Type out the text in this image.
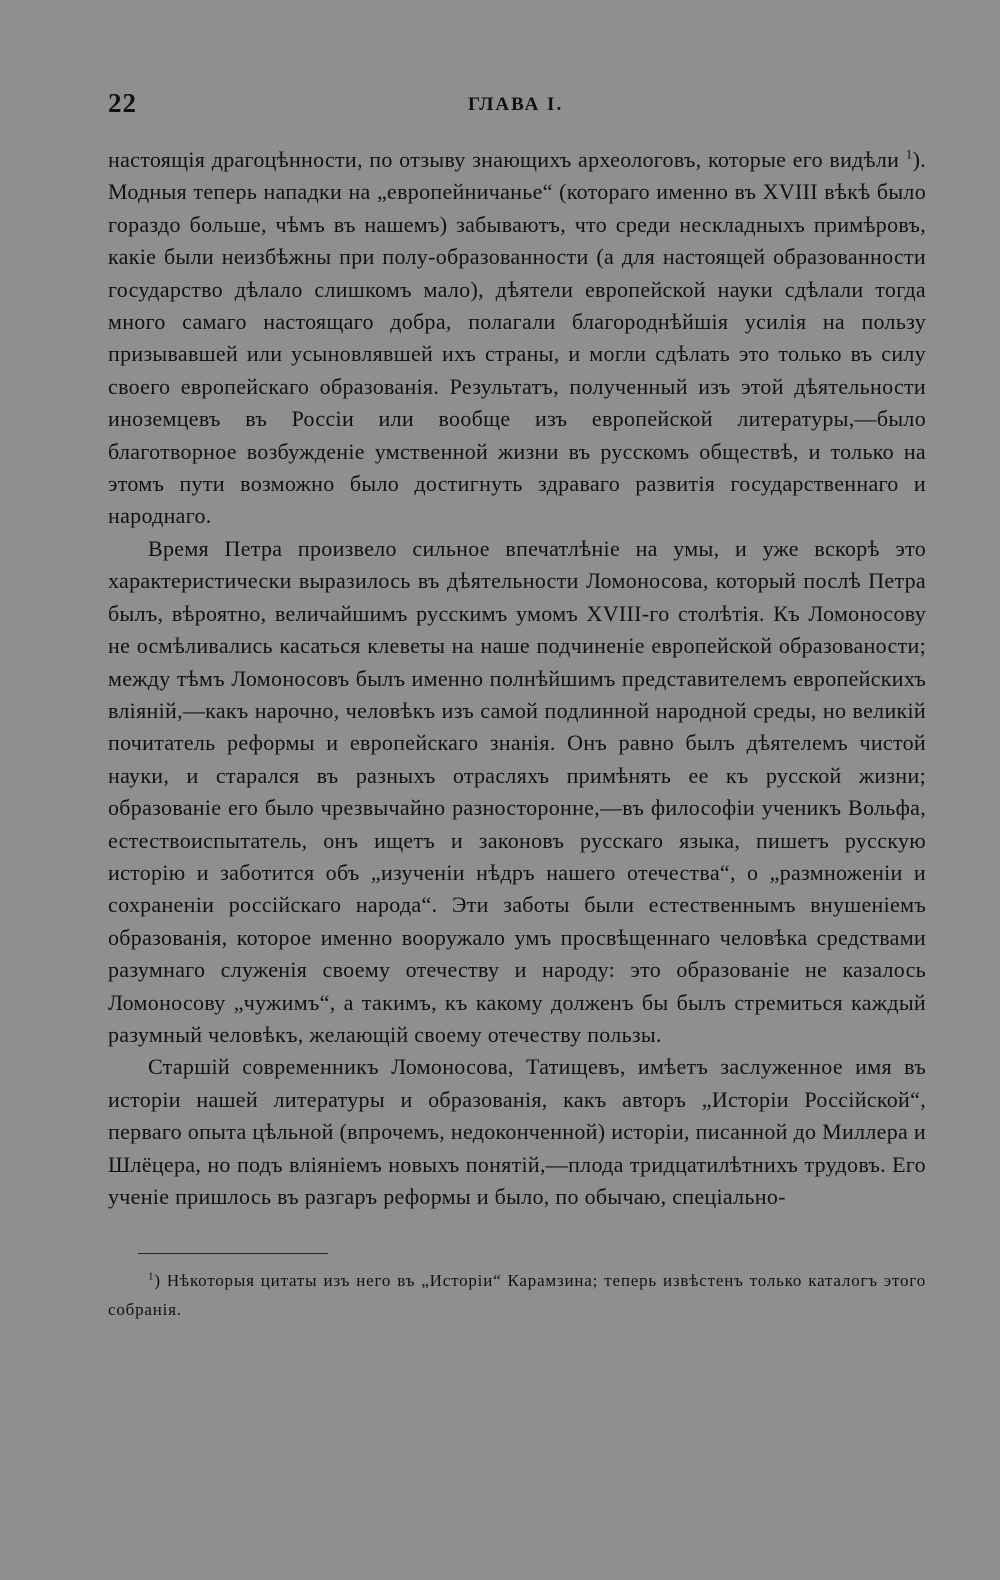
22	ГЛАВА I.

настоящія драгоцѣнности, по отзыву знающихъ археологовъ, которые его видѣли $^1$). Модныя теперь нападки на „европейничанье“ (котораго именно въ XVIII вѣкѣ было гораздо больше, чѣмъ въ нашемъ) забываютъ, что среди нескладныхъ примѣровъ, какіе были неизбѣжны при полу-образованности (а для настоящей образованности государство дѣлало слишкомъ мало), дѣятели европейской науки сдѣлали тогда много самаго настоящаго добра, полагали благороднѣйшія усилія на пользу призывавшей или усыновлявшей ихъ страны, и могли сдѣлать это только въ силу своего европейскаго образованія. Результатъ, полученный изъ этой дѣятельности иноземцевъ въ Россіи или вообще изъ европейской литературы,—было благотворное возбужденіе умственной жизни въ русскомъ обществѣ, и только на этомъ пути возможно было достигнуть здраваго развитія государственнаго и народнаго.

Время Петра произвело сильное впечатлѣніе на умы, и уже вскорѣ это характеристически выразилось въ дѣятельности Ломоносова, который послѣ Петра былъ, вѣроятно, величайшимъ русскимъ умомъ XVIII-го столѣтія. Къ Ломоносову не осмѣливались касаться клеветы на наше подчиненіе европейской образованости; между тѣмъ Ломоносовъ былъ именно полнѣйшимъ представителемъ европейскихъ вліяній,—какъ нарочно, человѣкъ изъ самой подлинной народной среды, но великій почитатель реформы и европейскаго знанія. Онъ равно былъ дѣятелемъ чистой науки, и старался въ разныхъ отрасляхъ примѣнять ее къ русской жизни; образованіе его было чрезвычайно разносторонне,—въ философіи ученикъ Вольфа, естествоиспытатель, онъ ищетъ и законовъ русскаго языка, пишетъ русскую исторію и заботится объ „изученіи нѣдръ нашего отечества“, о „размноженіи и сохраненіи россійскаго народа“. Эти заботы были естественнымъ внушеніемъ образованія, которое именно вооружало умъ просвѣщеннаго человѣка средствами разумнаго служенія своему отечеству и народу: это образованіе не казалось Ломоносову „чужимъ“, а такимъ, къ какому долженъ бы былъ стремиться каждый разумный человѣкъ, желающій своему отечеству пользы.

Старшій современникъ Ломоносова, Татищевъ, имѣетъ заслуженное имя въ исторіи нашей литературы и образованія, какъ авторъ „Исторіи Россійской“, перваго опыта цѣльной (впрочемъ, недоконченной) исторіи, писанной до Миллера и Шлёцера, но подъ вліяніемъ новыхъ понятій,—плода тридцатилѣтнихъ трудовъ. Его ученіе пришлось въ разгаръ реформы и было, по обычаю, спеціально-

$^1$) Нѣкоторыя цитаты изъ него въ „Исторіи“ Карамзина; теперь извѣстенъ только каталогъ этого собранія.
